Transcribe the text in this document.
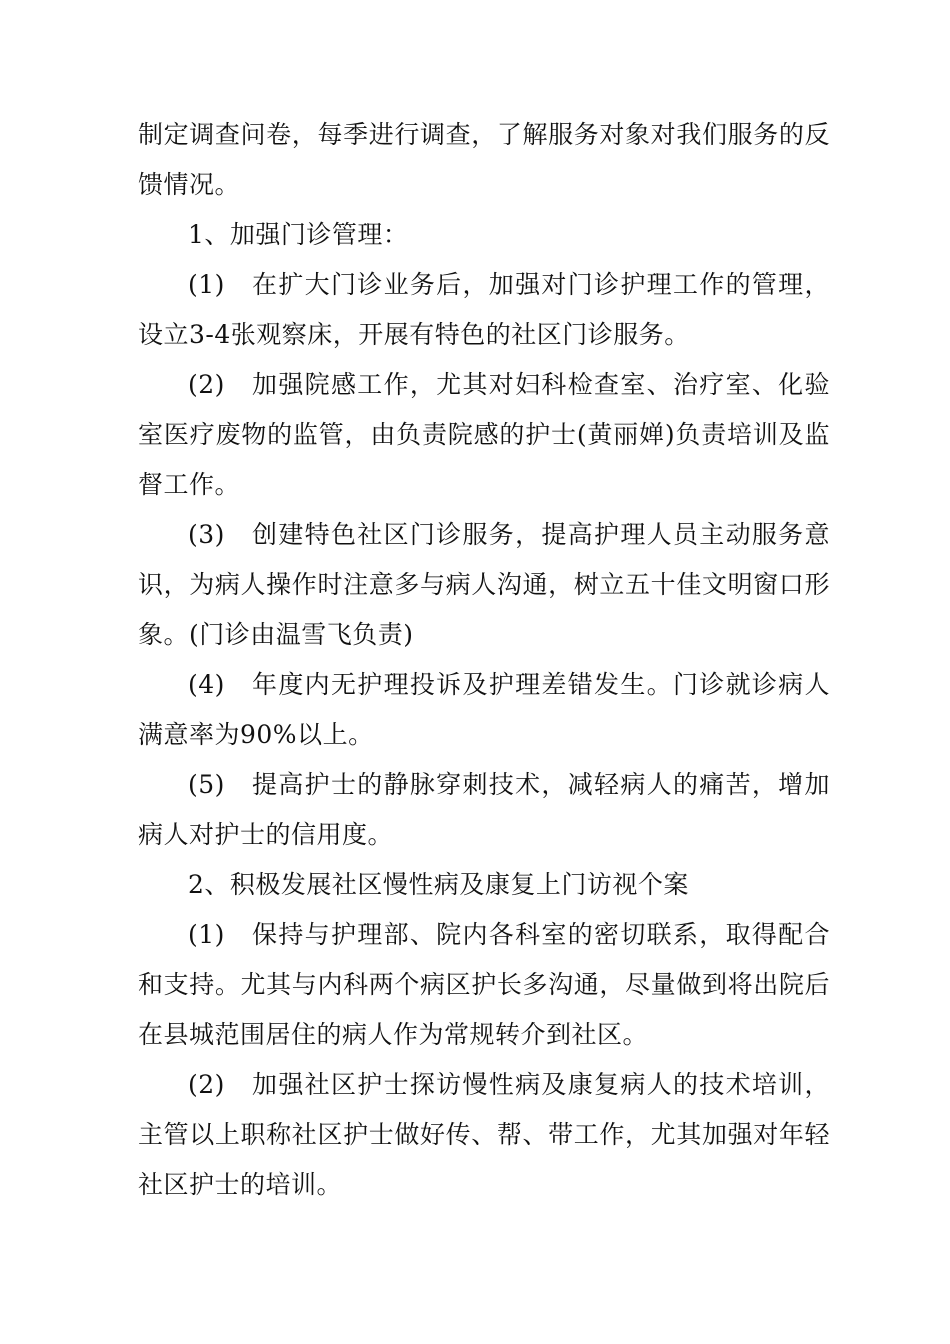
制定调查问卷，每季进行调查，了解服务对象对我们服务的反馈情况。

1、加强门诊管理：

(1)　在扩大门诊业务后，加强对门诊护理工作的管理，设立3-4张观察床，开展有特色的社区门诊服务。

(2)　加强院感工作，尤其对妇科检查室、治疗室、化验室医疗废物的监管，由负责院感的护士(黄丽婵)负责培训及监督工作。

(3)　创建特色社区门诊服务，提高护理人员主动服务意识，为病人操作时注意多与病人沟通，树立五十佳文明窗口形象。(门诊由温雪飞负责)

(4)　年度内无护理投诉及护理差错发生。门诊就诊病人满意率为90%以上。

(5)　提高护士的静脉穿刺技术，减轻病人的痛苦，增加病人对护士的信用度。

2、积极发展社区慢性病及康复上门访视个案

(1)　保持与护理部、院内各科室的密切联系，取得配合和支持。尤其与内科两个病区护长多沟通，尽量做到将出院后在县城范围居住的病人作为常规转介到社区。

(2)　加强社区护士探访慢性病及康复病人的技术培训，主管以上职称社区护士做好传、帮、带工作，尤其加强对年轻社区护士的培训。
